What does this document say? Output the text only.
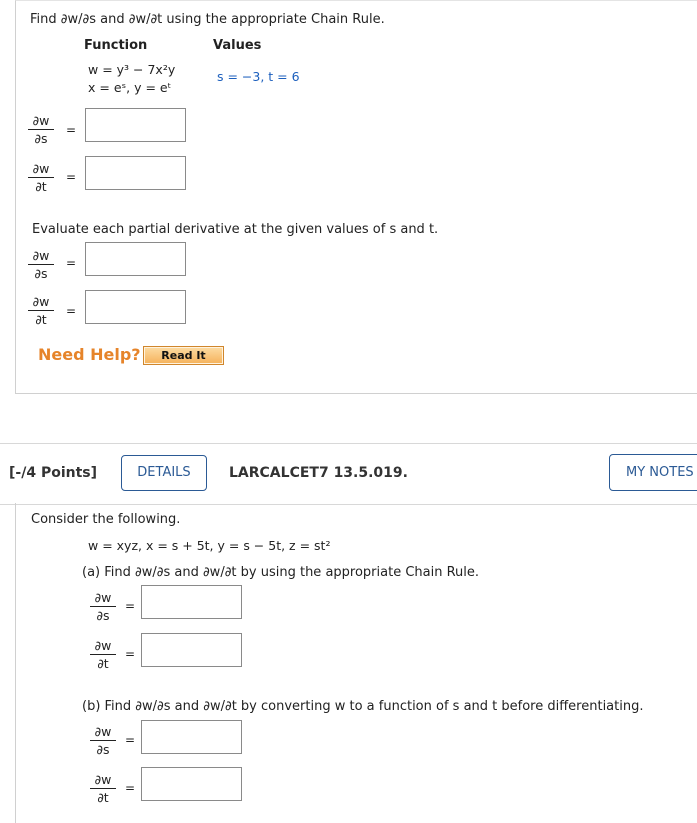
Find ∂w/∂s and ∂w/∂t using the appropriate Chain Rule.
Function	Values
w = y³ − 7x²y
x = eˢ, y = eᵗ
s = −3, t = 6
$\frac{\partial w}{\partial s}$ =
$\frac{\partial w}{\partial t}$ =
Evaluate each partial derivative at the given values of s and t.
$\frac{\partial w}{\partial s}$ =
$\frac{\partial w}{\partial t}$ =
Need Help?	Read It
[-/4 Points]	DETAILS	LARCALCET7 13.5.019.	MY NOTES
Consider the following.
w = xyz, x = s + 5t, y = s − 5t, z = st²
(a) Find ∂w/∂s and ∂w/∂t by using the appropriate Chain Rule.
$\frac{\partial w}{\partial s}$ =
$\frac{\partial w}{\partial t}$ =
(b) Find ∂w/∂s and ∂w/∂t by converting w to a function of s and t before differentiating.
$\frac{\partial w}{\partial s}$ =
$\frac{\partial w}{\partial t}$ =
